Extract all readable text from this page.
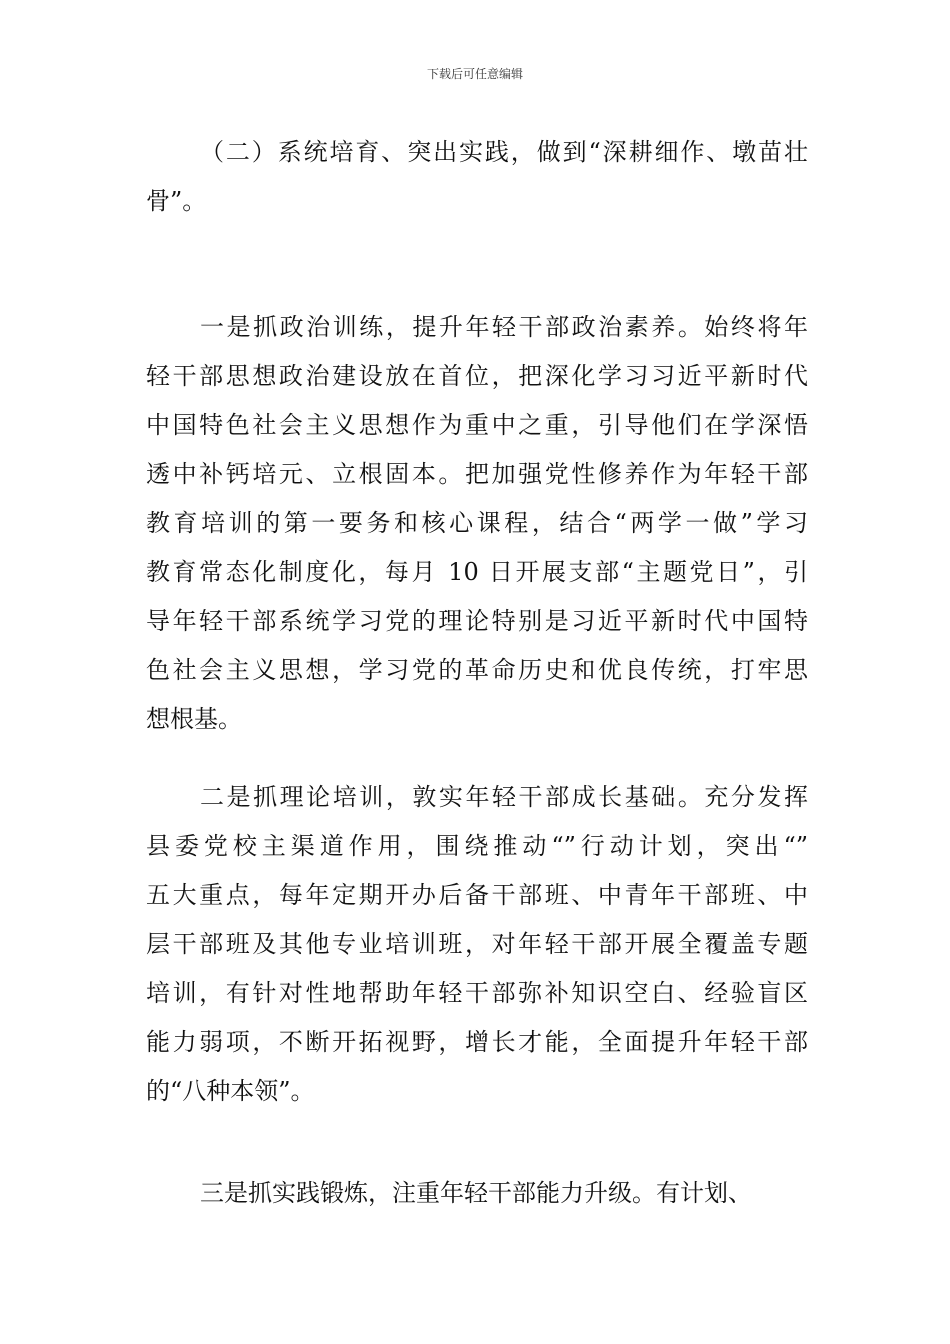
下载后可任意编辑
（二）系统培育、突出实践，做到“深耕细作、墩苗壮
骨”。
一是抓政治训练，提升年轻干部政治素养。始终将年
轻干部思想政治建设放在首位，把深化学习习近平新时代
中国特色社会主义思想作为重中之重，引导他们在学深悟
透中补钙培元、立根固本。把加强党性修养作为年轻干部
教育培训的第一要务和核心课程，结合“两学一做”学习
教育常态化制度化，每月 10 日开展支部“主题党日”，引
导年轻干部系统学习党的理论特别是习近平新时代中国特
色社会主义思想，学习党的革命历史和优良传统，打牢思
想根基。
二是抓理论培训，敦实年轻干部成长基础。充分发挥
县委党校主渠道作用，围绕推动“”行动计划，突出“”
五大重点，每年定期开办后备干部班、中青年干部班、中
层干部班及其他专业培训班，对年轻干部开展全覆盖专题
培训，有针对性地帮助年轻干部弥补知识空白、经验盲区
能力弱项，不断开拓视野，增长才能，全面提升年轻干部
的“八种本领”。
三是抓实践锻炼，注重年轻干部能力升级。有计划、
